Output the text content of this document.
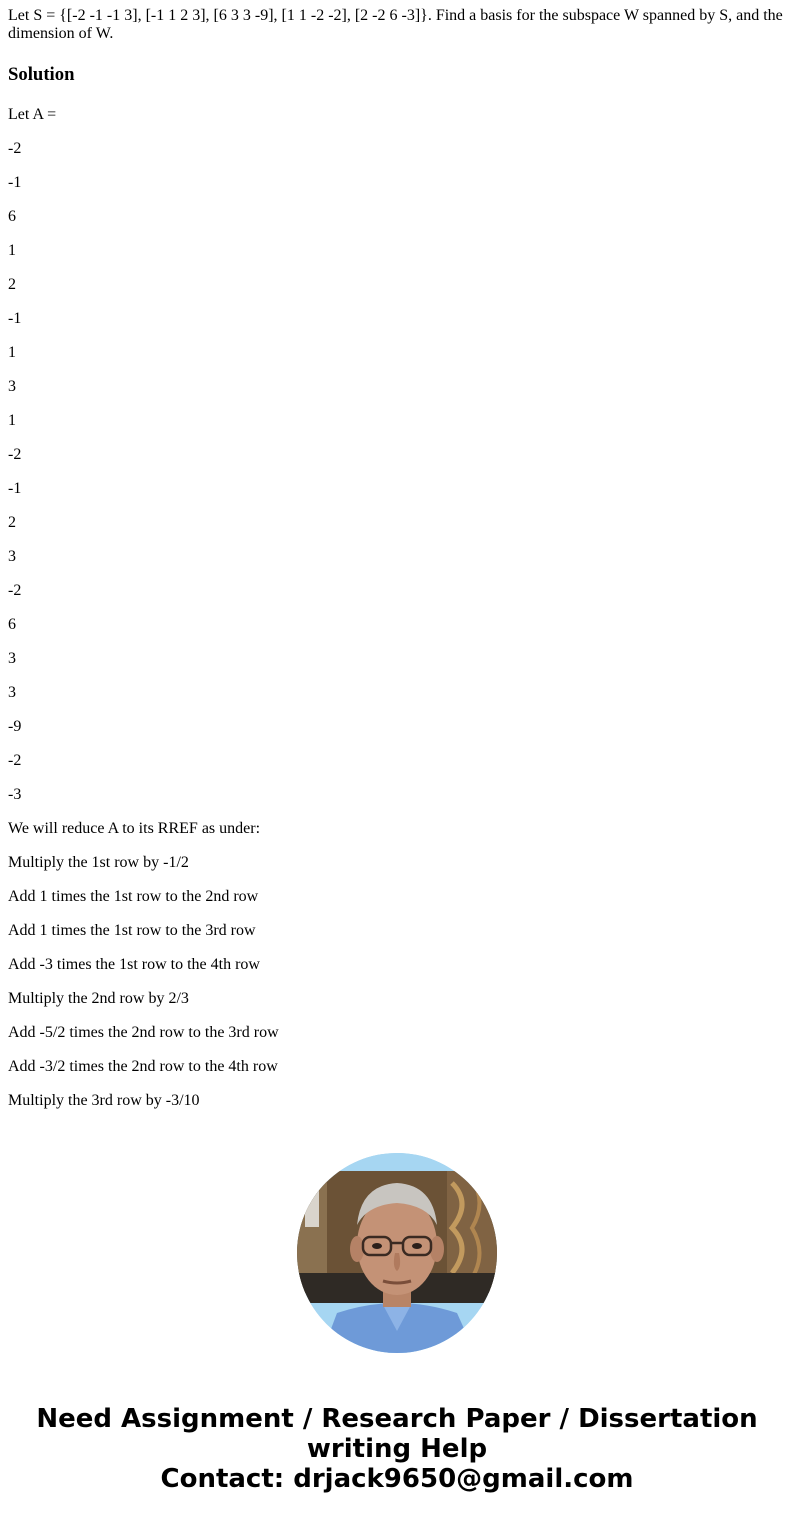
Let S = {[-2 -1 -1 3], [-1 1 2 3], [6 3 3 -9], [1 1 -2 -2], [2 -2 6 -3]}. Find a basis for the subspace W spanned by S, and the dimension of W.

Solution

Let A =

-2

-1

6

1

2

-1

1

3

1

-2

-1

2

3

-2

6

3

3

-9

-2

-3

We will reduce A to its RREF as under:

Multiply the 1st row by -1/2

Add 1 times the 1st row to the 2nd row

Add 1 times the 1st row to the 3rd row

Add -3 times the 1st row to the 4th row

Multiply the 2nd row by 2/3

Add -5/2 times the 2nd row to the 3rd row

Add -3/2 times the 2nd row to the 4th row

Multiply the 3rd row by -3/10

Need Assignment / Research Paper / Dissertation
writing Help
Contact: drjack9650@gmail.com
